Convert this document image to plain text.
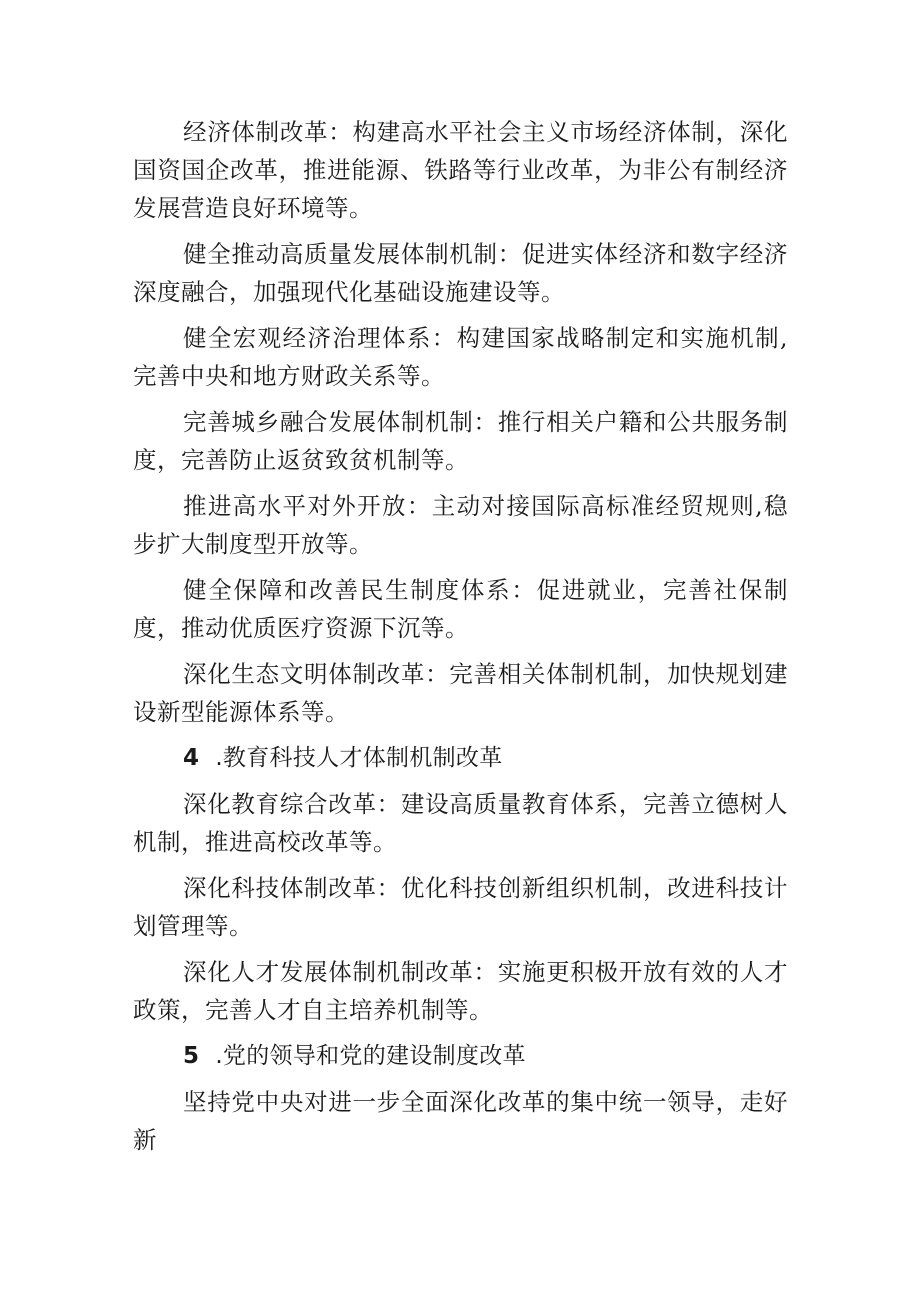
经济体制改革：构建高水平社会主义市场经济体制，深化国资国企改革，推进能源、铁路等行业改革，为非公有制经济发展营造良好环境等。

健全推动高质量发展体制机制：促进实体经济和数字经济深度融合，加强现代化基础设施建设等。

健全宏观经济治理体系：构建国家战略制定和实施机制,完善中央和地方财政关系等。

完善城乡融合发展体制机制：推行相关户籍和公共服务制度，完善防止返贫致贫机制等。

推进高水平对外开放：主动对接国际高标准经贸规则,稳步扩大制度型开放等。

健全保障和改善民生制度体系：促进就业，完善社保制度，推动优质医疗资源下沉等。

深化生态文明体制改革：完善相关体制机制，加快规划建设新型能源体系等。

4 .教育科技人才体制机制改革

深化教育综合改革：建设高质量教育体系，完善立德树人机制，推进高校改革等。

深化科技体制改革：优化科技创新组织机制，改进科技计划管理等。

深化人才发展体制机制改革：实施更积极开放有效的人才政策，完善人才自主培养机制等。

5 .党的领导和党的建设制度改革

坚持党中央对进一步全面深化改革的集中统一领导，走好新
